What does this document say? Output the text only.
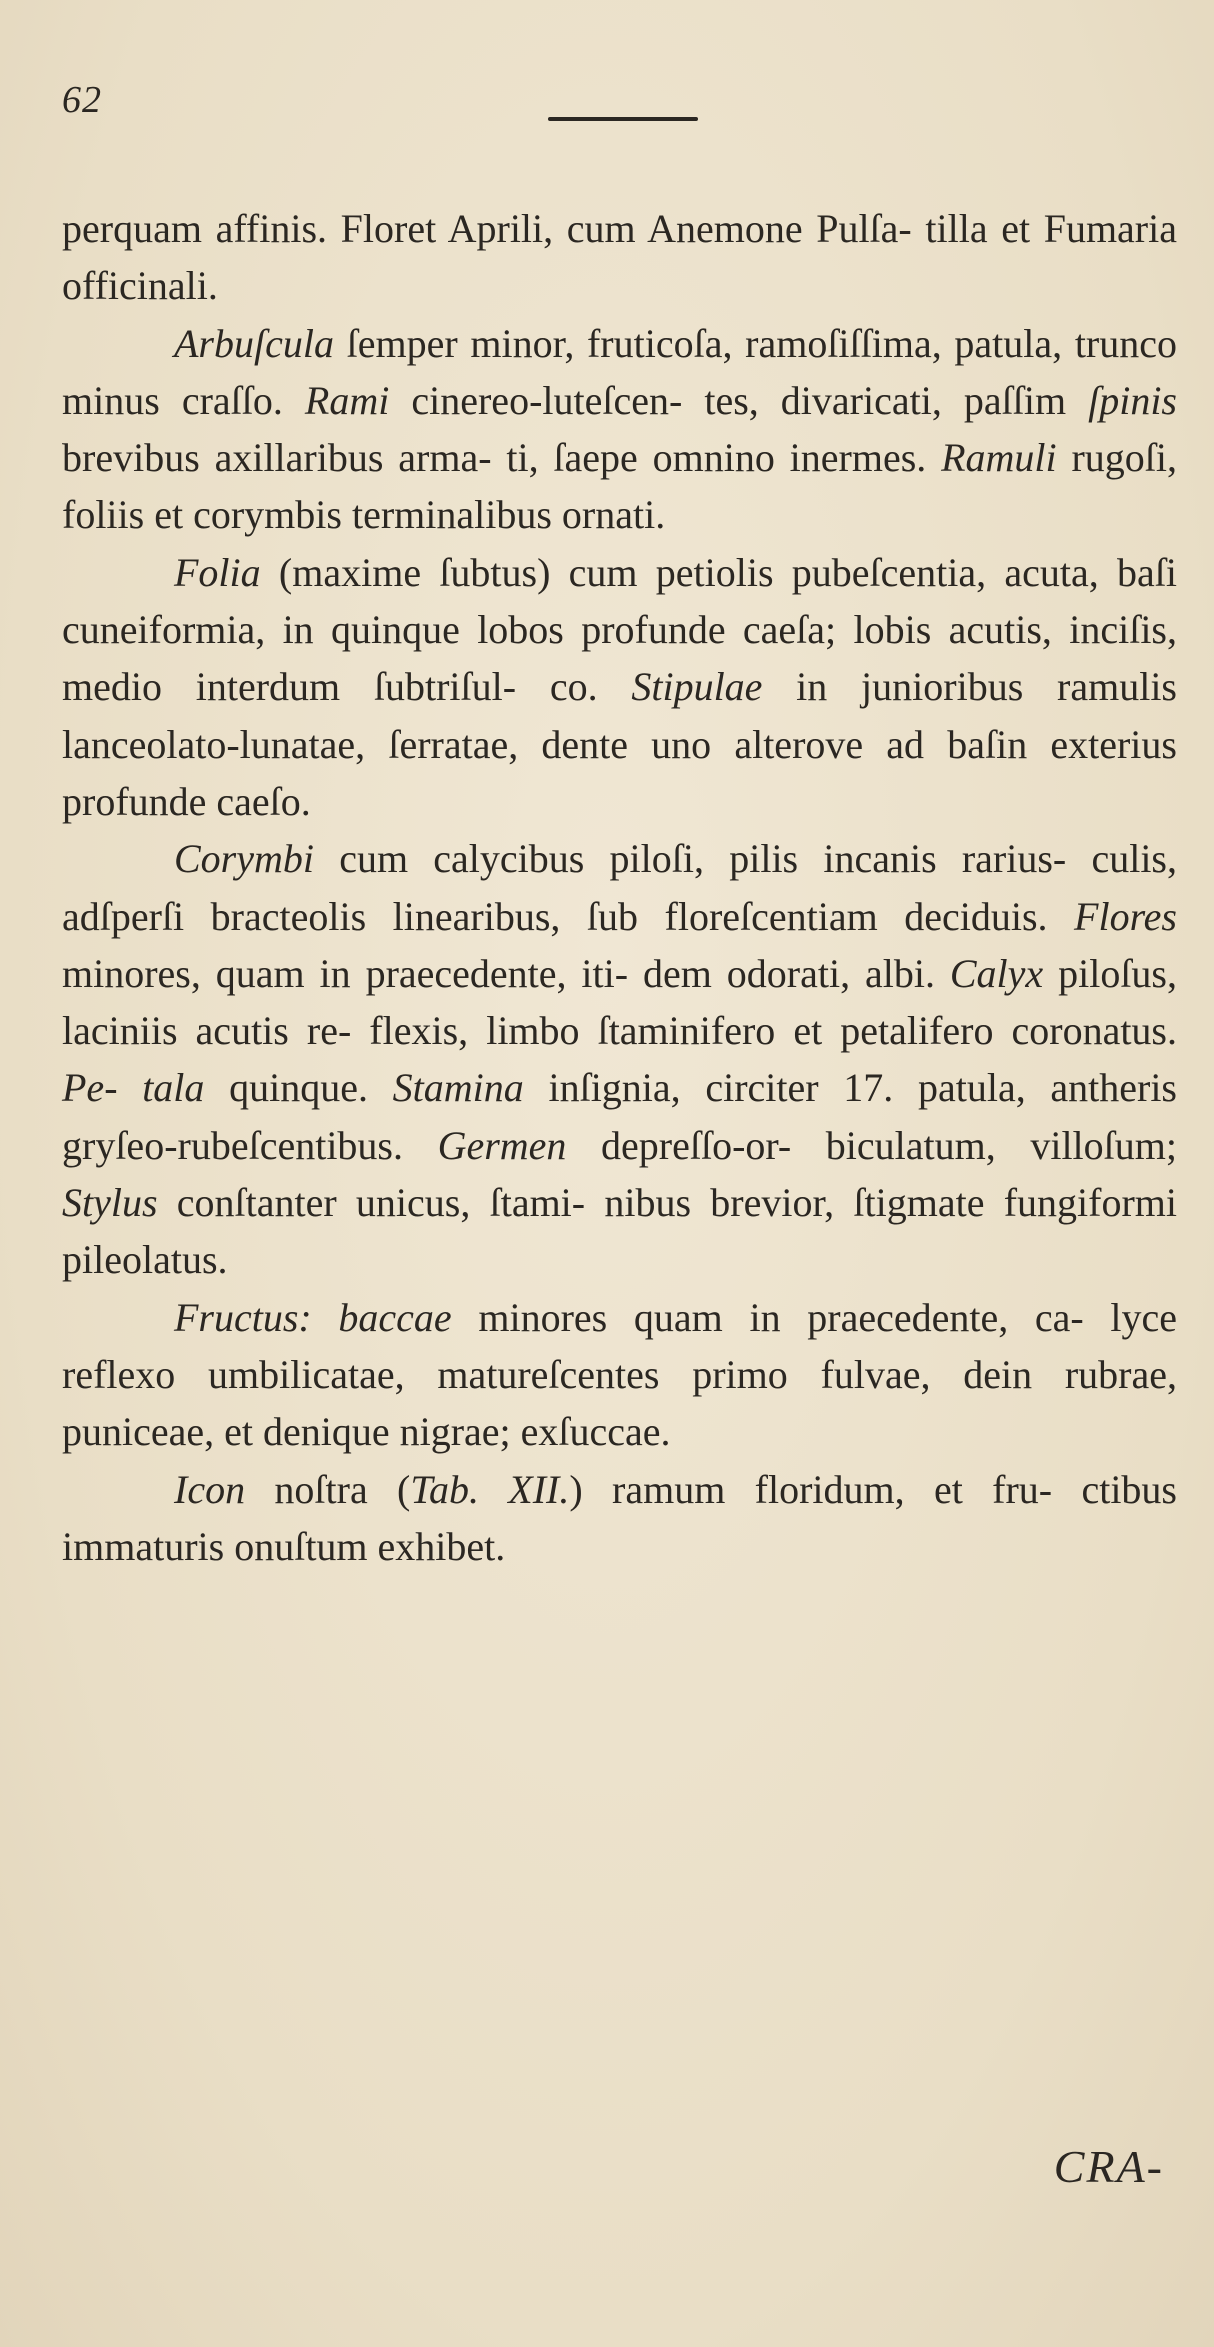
62

perquam affinis. Floret Aprili, cum Anemone Pulſa- tilla et Fumaria officinali.

Arbuſcula ſemper minor, fruticoſa, ramoſiſſima, patula, trunco minus craſſo. Rami cinereo-luteſcen- tes, divaricati, paſſim ſpinis brevibus axillaribus arma- ti, ſaepe omnino inermes. Ramuli rugoſi, foliis et corymbis terminalibus ornati.

Folia (maxime ſubtus) cum petiolis pubeſcentia, acuta, baſi cuneiformia, in quinque lobos profunde caeſa; lobis acutis, inciſis, medio interdum ſubtriſul- co. Stipulae in junioribus ramulis lanceolato-lunatae, ſerratae, dente uno alterove ad baſin exterius profunde caeſo.

Corymbi cum calycibus piloſi, pilis incanis rarius- culis, adſperſi bracteolis linearibus, ſub floreſcentiam deciduis. Flores minores, quam in praecedente, iti- dem odorati, albi. Calyx piloſus, laciniis acutis re- flexis, limbo ſtaminifero et petalifero coronatus. Pe- tala quinque. Stamina inſignia, circiter 17. patula, antheris gryſeo-rubeſcentibus. Germen depreſſo-or- biculatum, villoſum; Stylus conſtanter unicus, ſtami- nibus brevior, ſtigmate fungiformi pileolatus.

Fructus: baccae minores quam in praecedente, ca- lyce reflexo umbilicatae, matureſcentes primo fulvae, dein rubrae, puniceae, et denique nigrae; exſuccae.

Icon noſtra (Tab. XII.) ramum floridum, et fru- ctibus immaturis onuſtum exhibet.

CRA-
